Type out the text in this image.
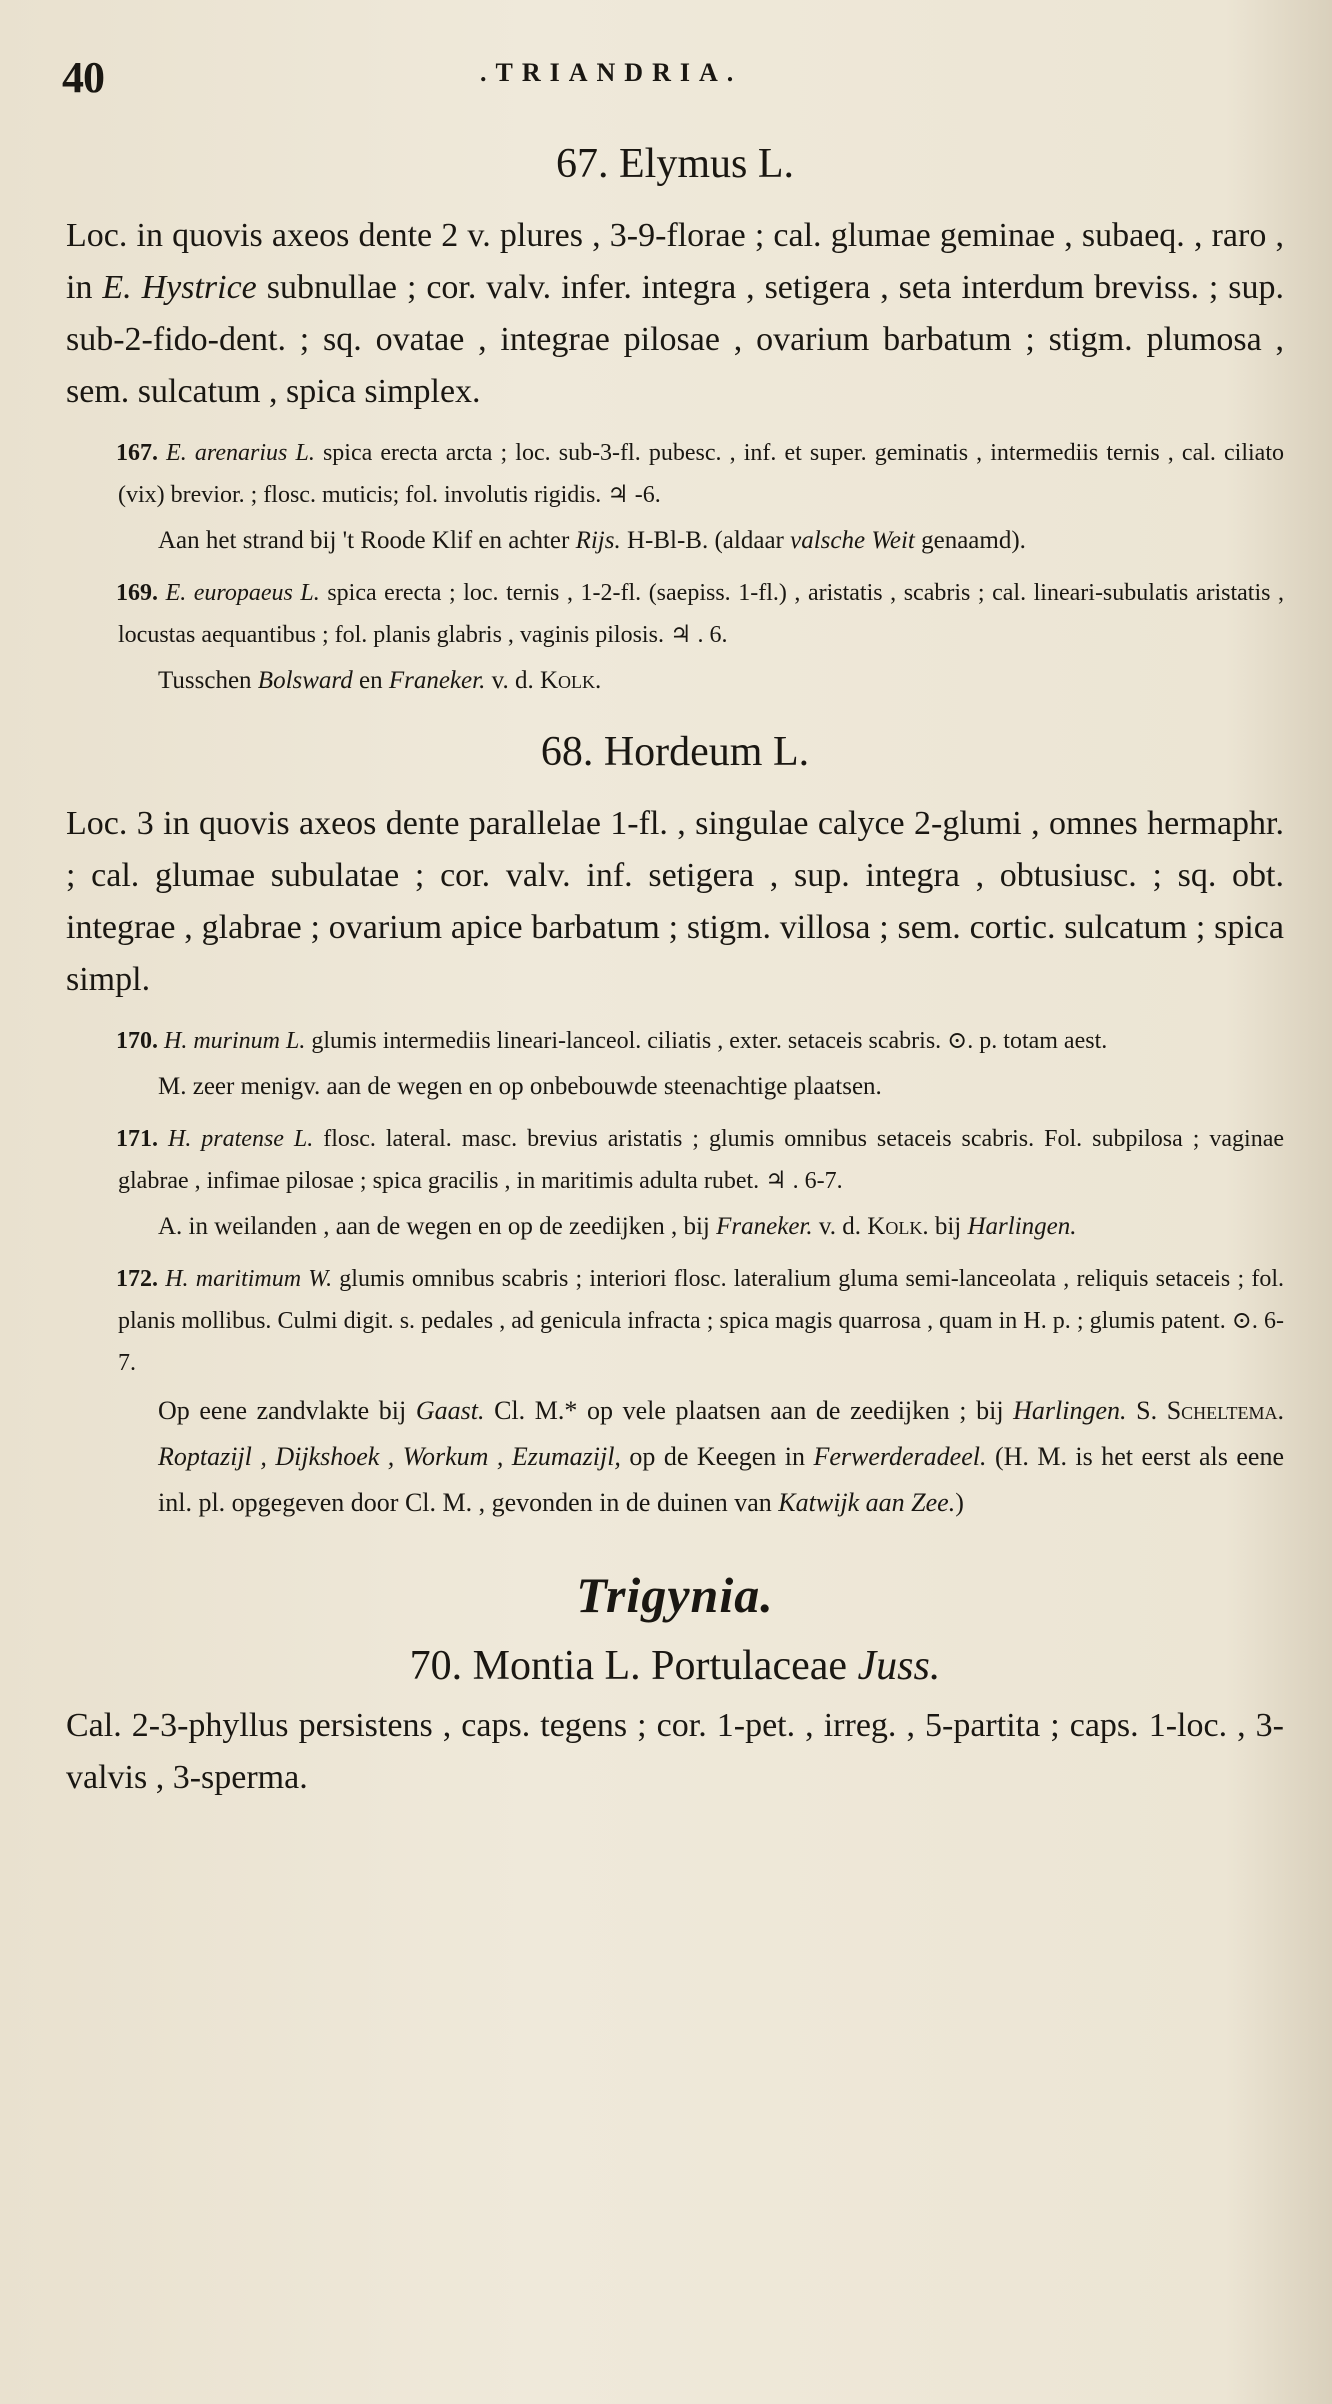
40	.TRIANDRIA.
67. Elymus L.

Loc. in quovis axeos dente 2 v. plures , 3-9-florae ; cal. glumae geminae , subaeq. , raro , in E. Hystrice subnullae ; cor. valv. infer. integra , setigera , seta interdum breviss. ; sup. sub-2-fido-dent. ; sq. ovatae , integrae pilosae , ovarium barbatum ; stigm. plumosa , sem. sulcatum , spica simplex.

167. E. arenarius L. spica erecta arcta ; loc. sub-3-fl. pubesc. , inf. et super. geminatis , intermediis ternis , cal. ciliato (vix) brevior. ; flosc. muticis; fol. involutis rigidis. ♃ -6.

Aan het strand bij 't Roode Klif en achter Rijs. H-Bl-B. (aldaar valsche Weit genaamd).

169. E. europaeus L. spica erecta ; loc. ternis , 1-2-fl. (saepiss. 1-fl.) , aristatis , scabris ; cal. lineari-subulatis aristatis , locustas aequantibus ; fol. planis glabris , vaginis pilosis. ♃ . 6.

Tusschen Bolsward en Franeker. v. d. Kolk.

68. Hordeum L.

Loc. 3 in quovis axeos dente parallelae 1-fl. , singulae calyce 2-glumi , omnes hermaphr. ; cal. glumae subulatae ; cor. valv. inf. setigera , sup. integra , obtusiusc. ; sq. obt. integrae , glabrae ; ovarium apice barbatum ; stigm. villosa ; sem. cortic. sulcatum ; spica simpl.

170. H. murinum L. glumis intermediis lineari-lanceol. ciliatis , exter. setaceis scabris. ⊙. p. totam aest.

M. zeer menigv. aan de wegen en op onbebouwde steenachtige plaatsen.

171. H. pratense L. flosc. lateral. masc. brevius aristatis ; glumis omnibus setaceis scabris. Fol. subpilosa ; vaginae glabrae , infimae pilosae ; spica gracilis , in maritimis adulta rubet. ♃ . 6-7.

A. in weilanden , aan de wegen en op de zeedijken , bij Franeker. v. d. Kolk. bij Harlingen.

172. H. maritimum W. glumis omnibus scabris ; interiori flosc. lateralium gluma semi-lanceolata , reliquis setaceis ; fol. planis mollibus. Culmi digit. s. pedales , ad genicula infracta ; spica magis quarrosa , quam in H. p. ; glumis patent. ⊙. 6-7.

Op eene zandvlakte bij Gaast. Cl. M.* op vele plaatsen aan de zeedijken ; bij Harlingen. S. Scheltema. Roptazijl , Dijkshoek , Workum , Ezumazijl, op de Keegen in Ferwerderadeel. (H. M. is het eerst als eene inl. pl. opgegeven door Cl. M. , gevonden in de duinen van Katwijk aan Zee.)

Trigynia.
70. Montia L. Portulaceae Juss.

Cal. 2-3-phyllus persistens , caps. tegens ; cor. 1-pet. , irreg. , 5-partita ; caps. 1-loc. , 3-valvis , 3-sperma.
